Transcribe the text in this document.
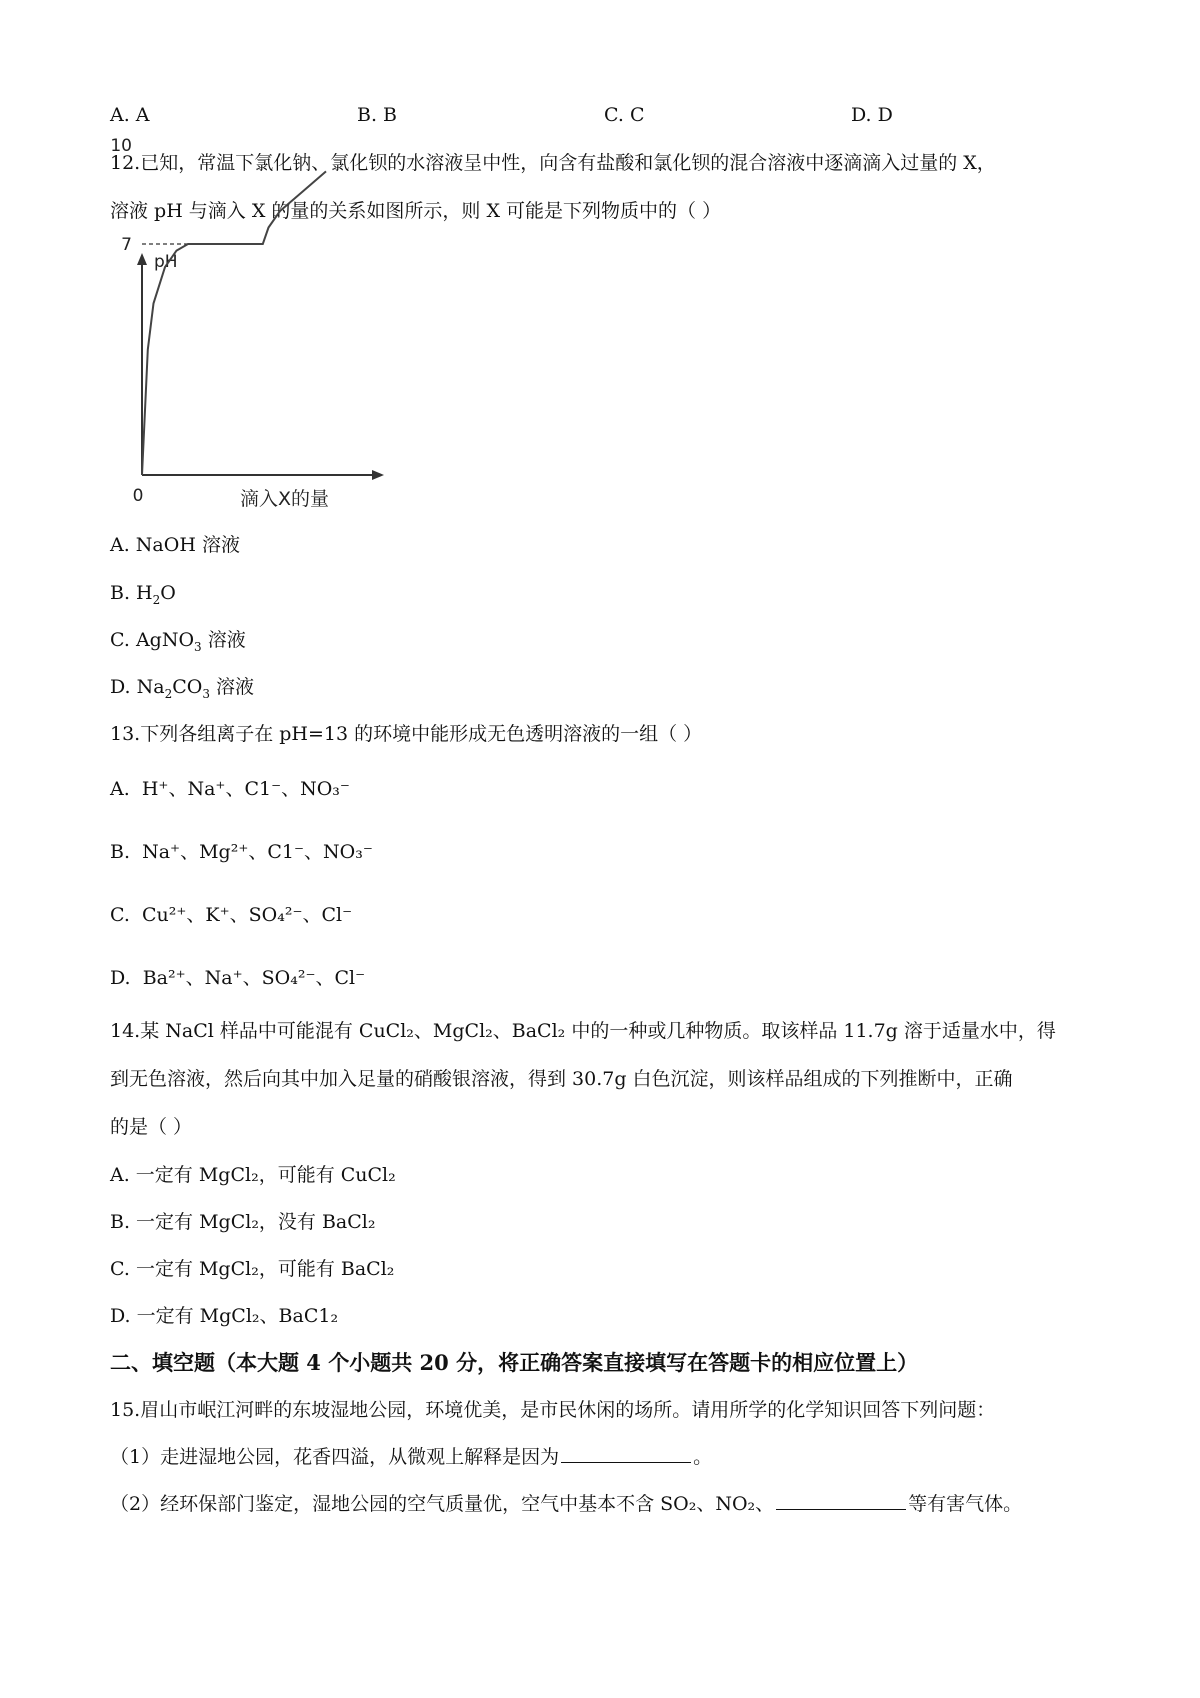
A. A	B. B	C. C	D. D
12.已知，常温下氯化钠、氯化钡的水溶液呈中性，向含有盐酸和氯化钡的混合溶液中逐滴滴入过量的 X，
溶液 pH 与滴入 X 的量的关系如图所示，则 X 可能是下列物质中的（ ）
pH
滴入X的量
0
10
7
A. NaOH 溶液
B. $H_2O$
C. AgNO$_3$ 溶液
D. $Na_2CO_3$ 溶液
13.下列各组离子在 pH=13 的环境中能形成无色透明溶液的一组（ ）
A. H⁺、Na⁺、C1⁻、NO₃⁻
B. Na⁺、Mg²⁺、C1⁻、NO₃⁻
C. Cu²⁺、K⁺、SO₄²⁻、Cl⁻
D. Ba²⁺、Na⁺、SO₄²⁻、Cl⁻
14.某 NaCl 样品中可能混有 CuCl₂、MgCl₂、BaCl₂ 中的一种或几种物质。取该样品 11.7g 溶于适量水中，得
到无色溶液，然后向其中加入足量的硝酸银溶液，得到 30.7g 白色沉淀，则该样品组成的下列推断中，正确
的是（ ）
A. 一定有 MgCl₂，可能有 CuCl₂
B. 一定有 MgCl₂，没有 BaCl₂
C. 一定有 MgCl₂，可能有 BaCl₂
D. 一定有 MgCl₂、BaC1₂
二、填空题（本大题 4 个小题共 20 分，将正确答案直接填写在答题卡的相应位置上）
15.眉山市岷江河畔的东坡湿地公园，环境优美，是市民休闲的场所。请用所学的化学知识回答下列问题：
（1）走进湿地公园，花香四溢，从微观上解释是因为	。
（2）经环保部门鉴定，湿地公园的空气质量优，空气中基本不含 SO₂、NO₂、	等有害气体。
